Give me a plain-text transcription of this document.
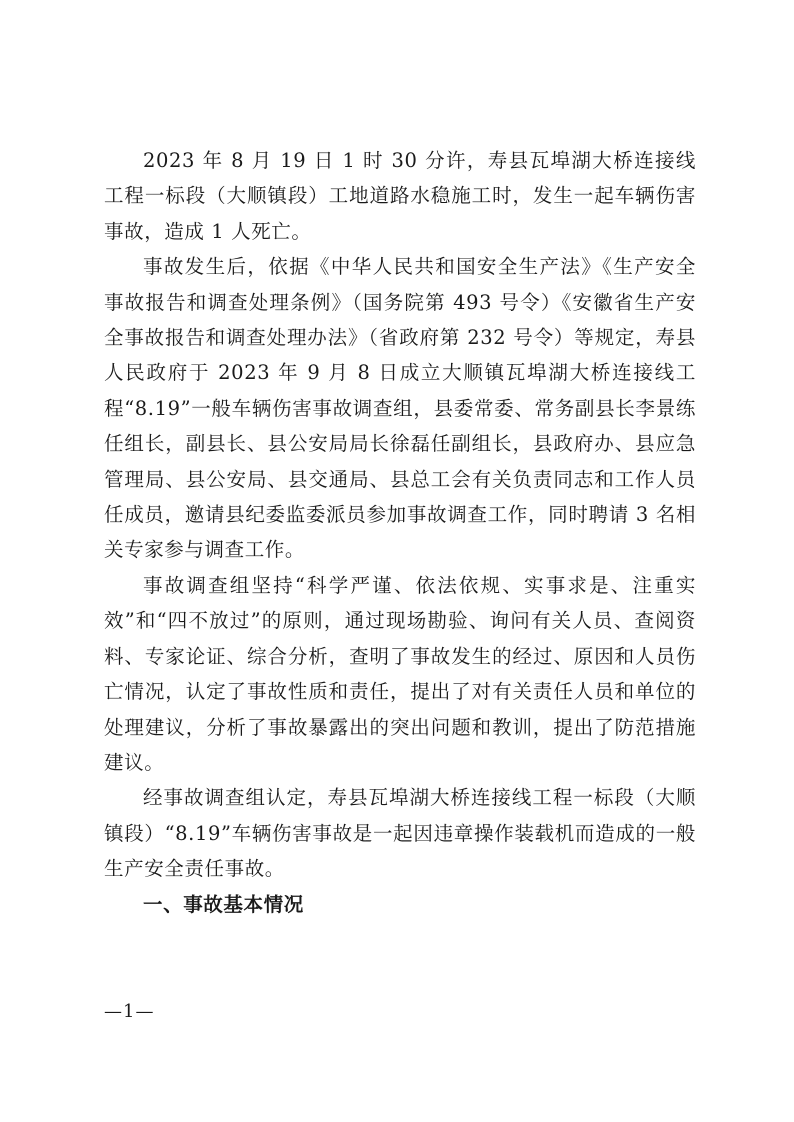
2023 年 8 月 19 日 1 时 30 分许，寿县瓦埠湖大桥连接线工程一标段（大顺镇段）工地道路水稳施工时，发生一起车辆伤害事故，造成 1 人死亡。

事故发生后，依据《中华人民共和国安全生产法》《生产安全事故报告和调查处理条例》（国务院第 493 号令）《安徽省生产安全事故报告和调查处理办法》（省政府第 232 号令）等规定，寿县人民政府于 2023 年 9 月 8 日成立大顺镇瓦埠湖大桥连接线工程“8.19”一般车辆伤害事故调查组，县委常委、常务副县长李景练任组长，副县长、县公安局局长徐磊任副组长，县政府办、县应急管理局、县公安局、县交通局、县总工会有关负责同志和工作人员任成员，邀请县纪委监委派员参加事故调查工作，同时聘请 3 名相关专家参与调查工作。

事故调查组坚持“科学严谨、依法依规、实事求是、注重实效”和“四不放过”的原则，通过现场勘验、询问有关人员、查阅资料、专家论证、综合分析，查明了事故发生的经过、原因和人员伤亡情况，认定了事故性质和责任，提出了对有关责任人员和单位的处理建议，分析了事故暴露出的突出问题和教训，提出了防范措施建议。

经事故调查组认定，寿县瓦埠湖大桥连接线工程一标段（大顺镇段）“8.19”车辆伤害事故是一起因违章操作装载机而造成的一般生产安全责任事故。

一、事故基本情况

—1—
